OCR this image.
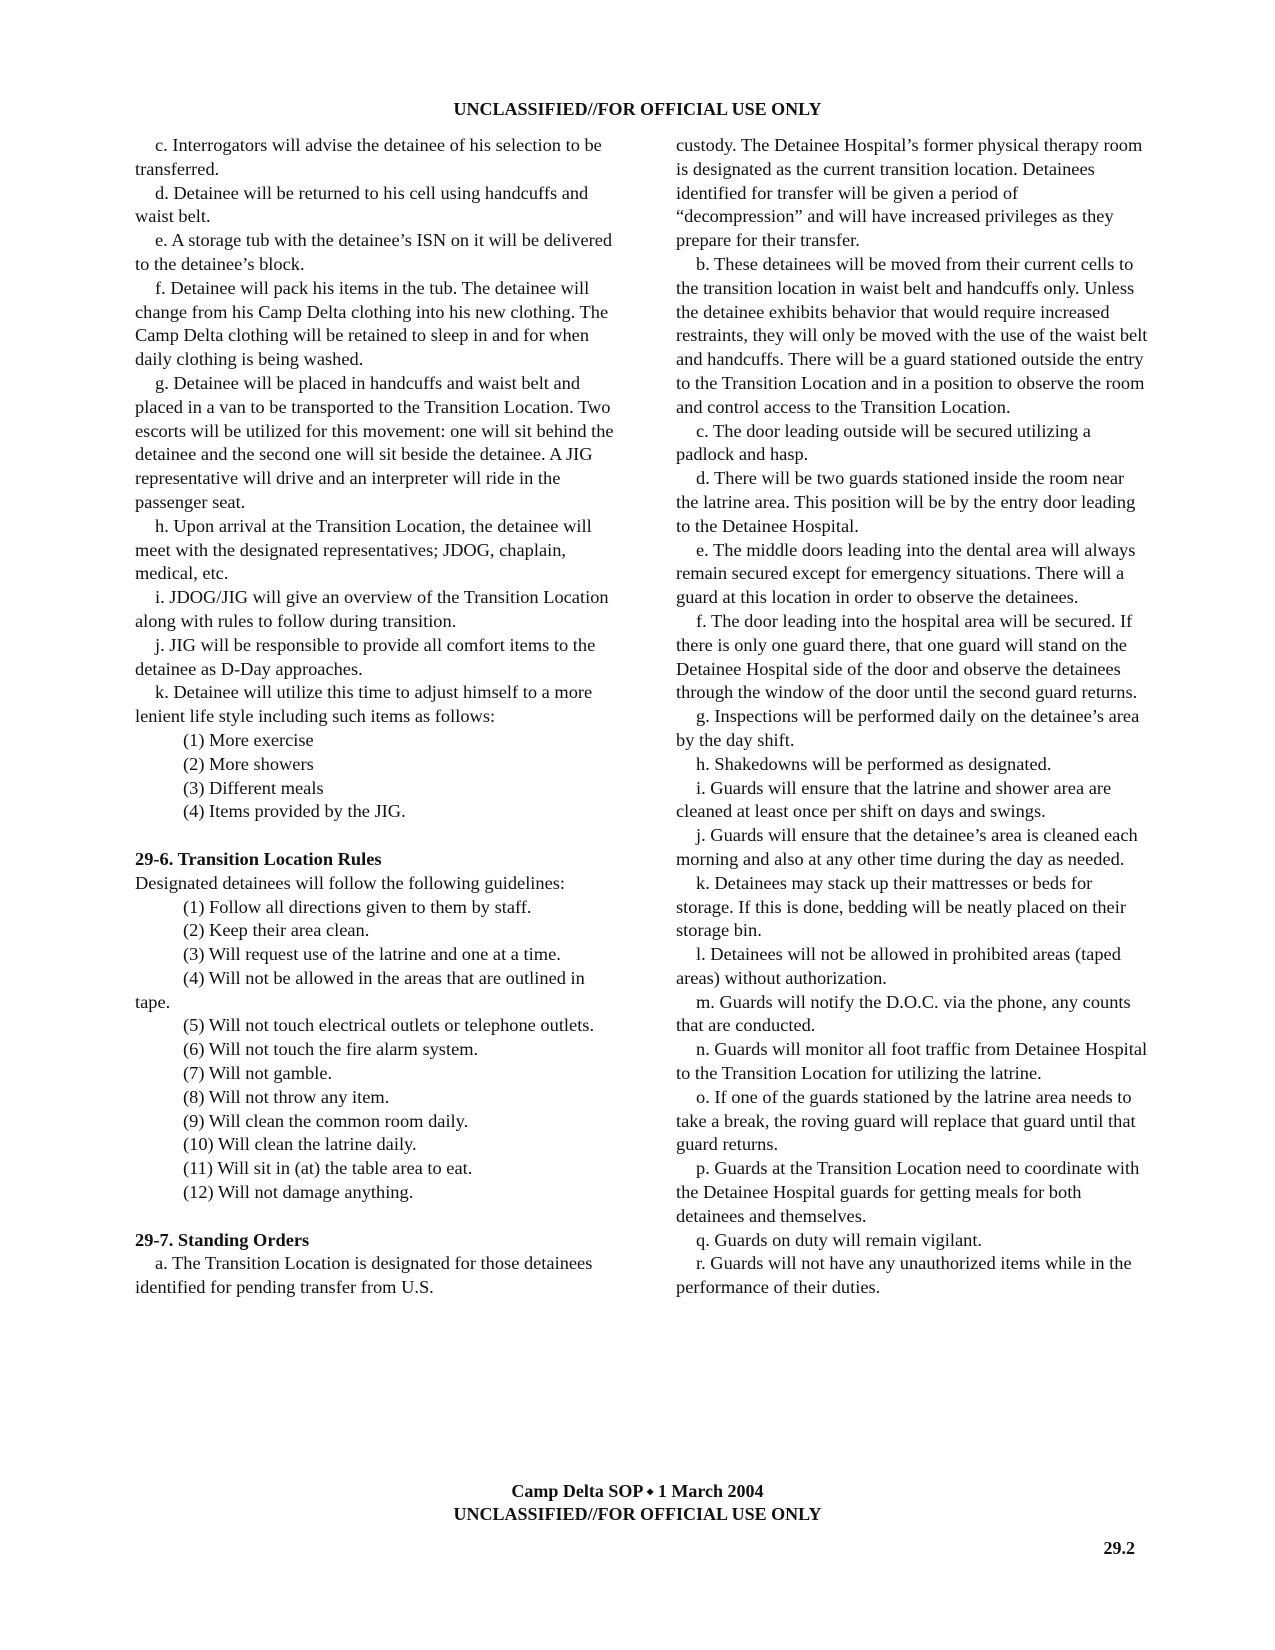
UNCLASSIFIED//FOR OFFICIAL USE ONLY

c. Interrogators will advise the detainee of his selection to be transferred.

d. Detainee will be returned to his cell using handcuffs and waist belt.

e. A storage tub with the detainee’s ISN on it will be delivered to the detainee’s block.

f. Detainee will pack his items in the tub. The detainee will change from his Camp Delta clothing into his new clothing. The Camp Delta clothing will be retained to sleep in and for when daily clothing is being washed.

g. Detainee will be placed in handcuffs and waist belt and placed in a van to be transported to the Transition Location. Two escorts will be utilized for this movement: one will sit behind the detainee and the second one will sit beside the detainee. A JIG representative will drive and an interpreter will ride in the passenger seat.

h. Upon arrival at the Transition Location, the detainee will meet with the designated representatives; JDOG, chaplain, medical, etc.

i. JDOG/JIG will give an overview of the Transition Location along with rules to follow during transition.

j. JIG will be responsible to provide all comfort items to the detainee as D-Day approaches.

k. Detainee will utilize this time to adjust himself to a more lenient life style including such items as follows:

(1) More exercise

(2) More showers

(3) Different meals

(4) Items provided by the JIG.

29-6. Transition Location Rules

Designated detainees will follow the following guidelines:

(1) Follow all directions given to them by staff.

(2) Keep their area clean.

(3) Will request use of the latrine and one at a time.

(4) Will not be allowed in the areas that are outlined in tape.

(5) Will not touch electrical outlets or telephone outlets.

(6) Will not touch the fire alarm system.

(7) Will not gamble.

(8) Will not throw any item.

(9) Will clean the common room daily.

(10) Will clean the latrine daily.

(11) Will sit in (at) the table area to eat.

(12) Will not damage anything.

29-7. Standing Orders

a. The Transition Location is designated for those detainees identified for pending transfer from U.S.

custody. The Detainee Hospital’s former physical therapy room is designated as the current transition location. Detainees identified for transfer will be given a period of “decompression” and will have increased privileges as they prepare for their transfer.

b. These detainees will be moved from their current cells to the transition location in waist belt and handcuffs only. Unless the detainee exhibits behavior that would require increased restraints, they will only be moved with the use of the waist belt and handcuffs. There will be a guard stationed outside the entry to the Transition Location and in a position to observe the room and control access to the Transition Location.

c. The door leading outside will be secured utilizing a padlock and hasp.

d. There will be two guards stationed inside the room near the latrine area. This position will be by the entry door leading to the Detainee Hospital.

e. The middle doors leading into the dental area will always remain secured except for emergency situations. There will a guard at this location in order to observe the detainees.

f. The door leading into the hospital area will be secured. If there is only one guard there, that one guard will stand on the Detainee Hospital side of the door and observe the detainees through the window of the door until the second guard returns.

g. Inspections will be performed daily on the detainee’s area by the day shift.

h. Shakedowns will be performed as designated.

i. Guards will ensure that the latrine and shower area are cleaned at least once per shift on days and swings.

j. Guards will ensure that the detainee’s area is cleaned each morning and also at any other time during the day as needed.

k. Detainees may stack up their mattresses or beds for storage. If this is done, bedding will be neatly placed on their storage bin.

l. Detainees will not be allowed in prohibited areas (taped areas) without authorization.

m. Guards will notify the D.O.C. via the phone, any counts that are conducted.

n. Guards will monitor all foot traffic from Detainee Hospital to the Transition Location for utilizing the latrine.

o. If one of the guards stationed by the latrine area needs to take a break, the roving guard will replace that guard until that guard returns.

p. Guards at the Transition Location need to coordinate with the Detainee Hospital guards for getting meals for both detainees and themselves.

q. Guards on duty will remain vigilant.

r. Guards will not have any unauthorized items while in the performance of their duties.

Camp Delta SOP ⬩ 1 March 2004
UNCLASSIFIED//FOR OFFICIAL USE ONLY
29.2
